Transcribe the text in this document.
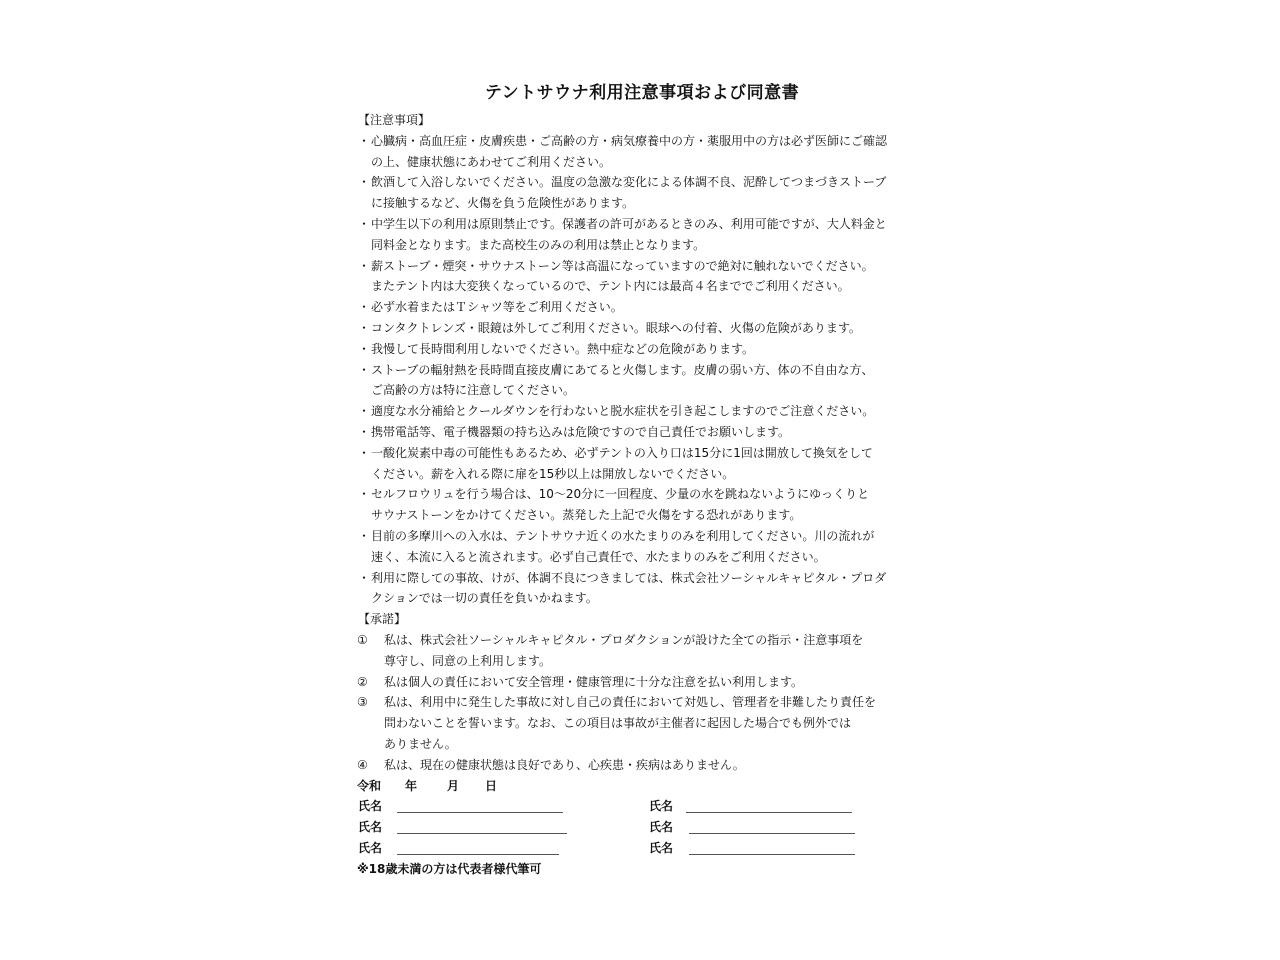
テントサウナ利用注意事項および同意書
【注意事項】
・ 心臓病・高血圧症・皮膚疾患・ご高齢の方・病気療養中の方・薬服用中の方は必ず医師にご確認
の上、健康状態にあわせてご利用ください。
・ 飲酒して入浴しないでください。温度の急激な変化による体調不良、泥酔してつまづきストーブ
に接触するなど、火傷を負う危険性があります。
・ 中学生以下の利用は原則禁止です。保護者の許可があるときのみ、利用可能ですが、大人料金と
同料金となります。また高校生のみの利用は禁止となります。
・ 薪ストーブ・煙突・サウナストーン等は高温になっていますので絶対に触れないでください。
またテント内は大変狭くなっているので、テント内には最高４名まででご利用ください。
・ 必ず水着またはＴシャツ等をご利用ください。
・ コンタクトレンズ・眼鏡は外してご利用ください。眼球への付着、火傷の危険があります。
・ 我慢して長時間利用しないでください。熱中症などの危険があります。
・ ストーブの輻射熱を長時間直接皮膚にあてると火傷します。皮膚の弱い方、体の不自由な方、
ご高齢の方は特に注意してください。
・ 適度な水分補給とクールダウンを行わないと脱水症状を引き起こしますのでご注意ください。
・ 携帯電話等、電子機器類の持ち込みは危険ですので自己責任でお願いします。
・ 一酸化炭素中毒の可能性もあるため、必ずテントの入り口は15分に1回は開放して換気をして
ください。薪を入れる際に扉を15秒以上は開放しないでください。
・ セルフロウリュを行う場合は、10〜20分に一回程度、少量の水を跳ねないようにゆっくりと
サウナストーンをかけてください。蒸発した上記で火傷をする恐れがあります。
・ 目前の多摩川への入水は、テントサウナ近くの水たまりのみを利用してください。川の流れが
速く、本流に入ると流されます。必ず自己責任で、水たまりのみをご利用ください。
・ 利用に際しての事故、けが、体調不良につきましては、株式会社ソーシャルキャピタル・プロダ
クションでは一切の責任を負いかねます。
【承諾】
①	私は、株式会社ソーシャルキャピタル・プロダクションが設けた全ての指示・注意事項を
尊守し、同意の上利用します。
②	私は個人の責任において安全管理・健康管理に十分な注意を払い利用します。
③	私は、利用中に発生した事故に対し自己の責任において対処し、管理者を非難したり責任を
問わないことを誓います。なお、この項目は事故が主催者に起因した場合でも例外では
ありません。
④	私は、現在の健康状態は良好であり、心疾患・疾病はありません。
令和 年 月 日
氏名	氏名
氏名	氏名
氏名	氏名
※18歳未満の方は代表者様代筆可
